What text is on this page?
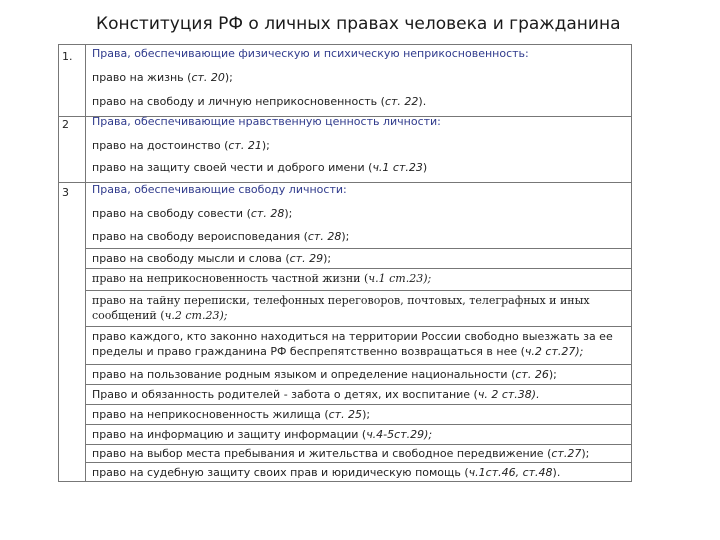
Конституция РФ о личных правах человека и гражданина
1. Права, обеспечивающие физическую и психическую неприкосновенность:
право на жизнь (ст. 20);
право на свободу и личную неприкосновенность (ст. 22).
2 Права, обеспечивающие нравственную ценность личности:
право на достоинство (ст. 21);
право на защиту своей чести и доброго имени (ч.1 ст.23)
3 Права, обеспечивающие свободу личности:
право на свободу совести (ст. 28);
право на свободу вероисповедания (ст. 28);
право на свободу мысли и слова (ст. 29);
право на неприкосновенность частной жизни (ч.1 ст.23);
право на тайну переписки, телефонных переговоров, почтовых, телеграфных и иных сообщений (ч.2 ст.23);
право каждого, кто законно находиться на территории России свободно выезжать за ее пределы и право гражданина РФ беспрепятственно возвращаться в нее (ч.2 ст.27);
право на пользование родным языком и определение национальности (ст. 26);
Право и обязанность родителей - забота о детях, их воспитание (ч. 2 ст.38).
право на неприкосновенность жилища (ст. 25);
право на информацию и защиту информации (ч.4-5ст.29);
право на выбор места пребывания и жительства и свободное передвижение (ст.27);
право на судебную защиту своих прав и юридическую помощь (ч.1ст.46, ст.48).
